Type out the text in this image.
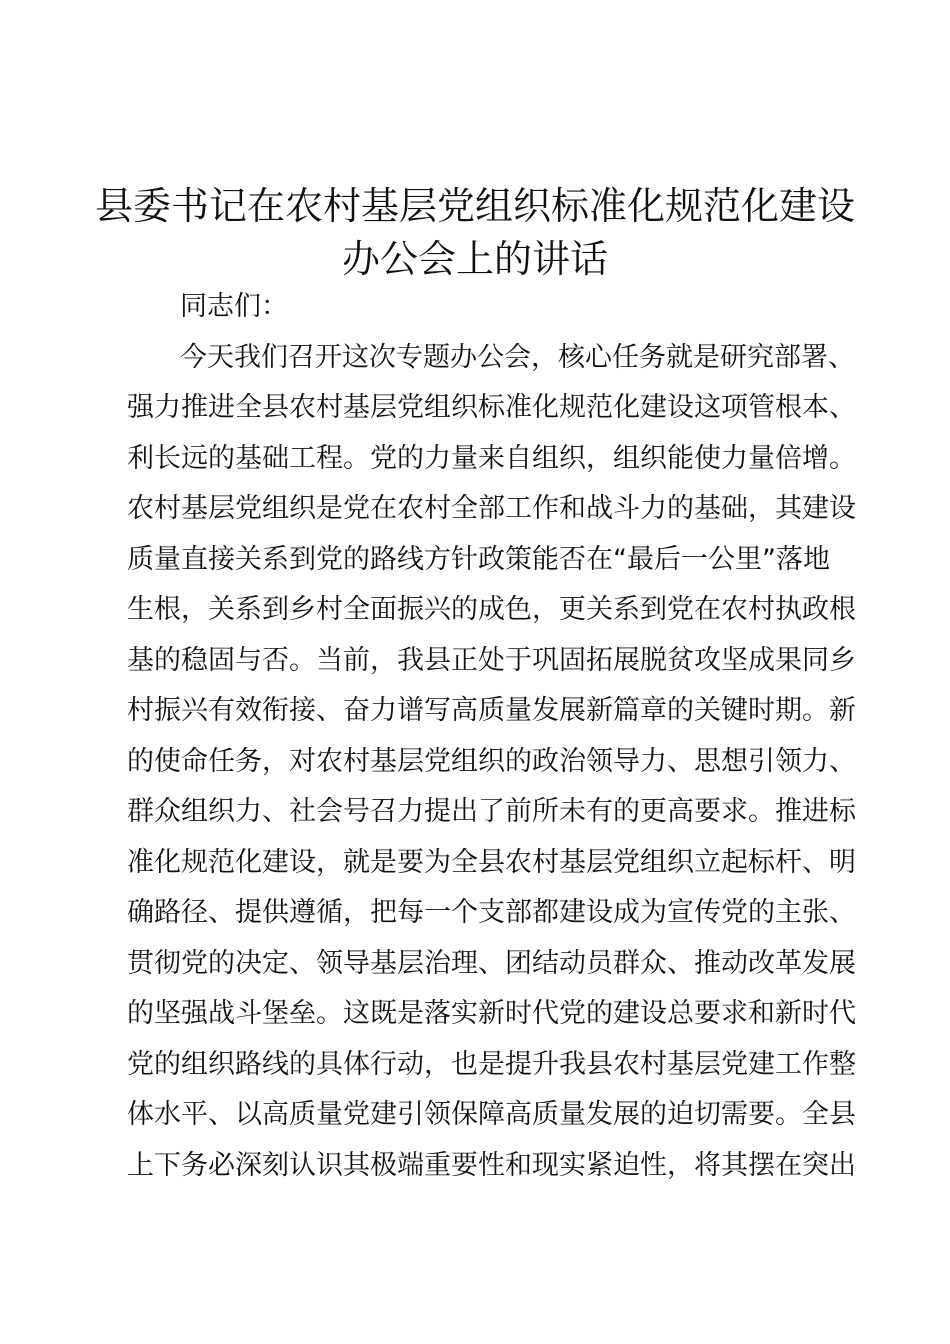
县委书记在农村基层党组织标准化规范化建设
办公会上的讲话
同志们：
今天我们召开这次专题办公会，核心任务就是研究部署、
强力推进全县农村基层党组织标准化规范化建设这项管根本、
利长远的基础工程。党的力量来自组织，组织能使力量倍增。
农村基层党组织是党在农村全部工作和战斗力的基础，其建设
质量直接关系到党的路线方针政策能否在“最后一公里”落地
生根，关系到乡村全面振兴的成色，更关系到党在农村执政根
基的稳固与否。当前，我县正处于巩固拓展脱贫攻坚成果同乡
村振兴有效衔接、奋力谱写高质量发展新篇章的关键时期。新
的使命任务，对农村基层党组织的政治领导力、思想引领力、
群众组织力、社会号召力提出了前所未有的更高要求。推进标
准化规范化建设，就是要为全县农村基层党组织立起标杆、明
确路径、提供遵循，把每一个支部都建设成为宣传党的主张、
贯彻党的决定、领导基层治理、团结动员群众、推动改革发展
的坚强战斗堡垒。这既是落实新时代党的建设总要求和新时代
党的组织路线的具体行动，也是提升我县农村基层党建工作整
体水平、以高质量党建引领保障高质量发展的迫切需要。全县
上下务必深刻认识其极端重要性和现实紧迫性，将其摆在突出
